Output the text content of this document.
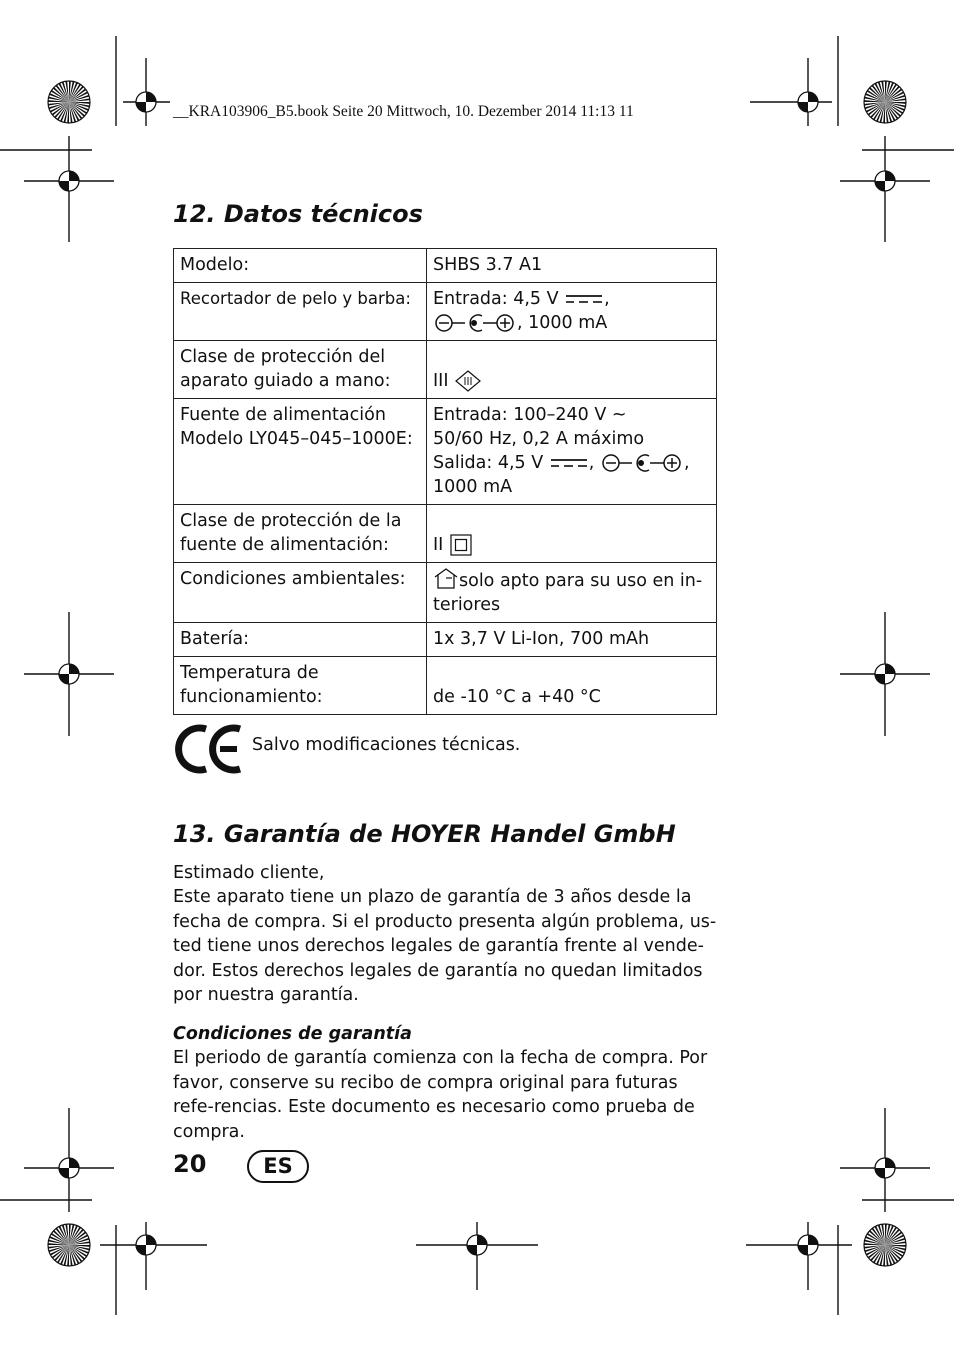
__KRA103906_B5.book Seite 20 Mittwoch, 10. Dezember 2014 11:13 11
12. Datos técnicos
Modelo:	SHBS 3.7 A1
Recortador de pelo y barba:	Entrada: 4,5 V ,
, 1000 mA
Clase de protección del aparato guiado a mano:	III
Fuente de alimentación Modelo LY045–045–1000E:	Entrada: 100–240 V ~
50/60 Hz, 0,2 A máximo
Salida: 4,5 V , ,
1000 mA
Clase de protección de la fuente de alimentación:	II
Condiciones ambientales:	solo apto para su uso en in-teriores
Batería:	1x 3,7 V Li-Ion, 700 mAh
Temperatura de funcionamiento:	de -10 °C a +40 °C
Salvo modificaciones técnicas.
13. Garantía de HOYER Handel GmbH
Estimado cliente,
Este aparato tiene un plazo de garantía de 3 años desde la fecha de compra. Si el producto presenta algún problema, us-ted tiene unos derechos legales de garantía frente al vende-dor. Estos derechos legales de garantía no quedan limitados por nuestra garantía.
Condiciones de garantía
El periodo de garantía comienza con la fecha de compra. Por favor, conserve su recibo de compra original para futuras refe-rencias. Este documento es necesario como prueba de compra.
20	ES
